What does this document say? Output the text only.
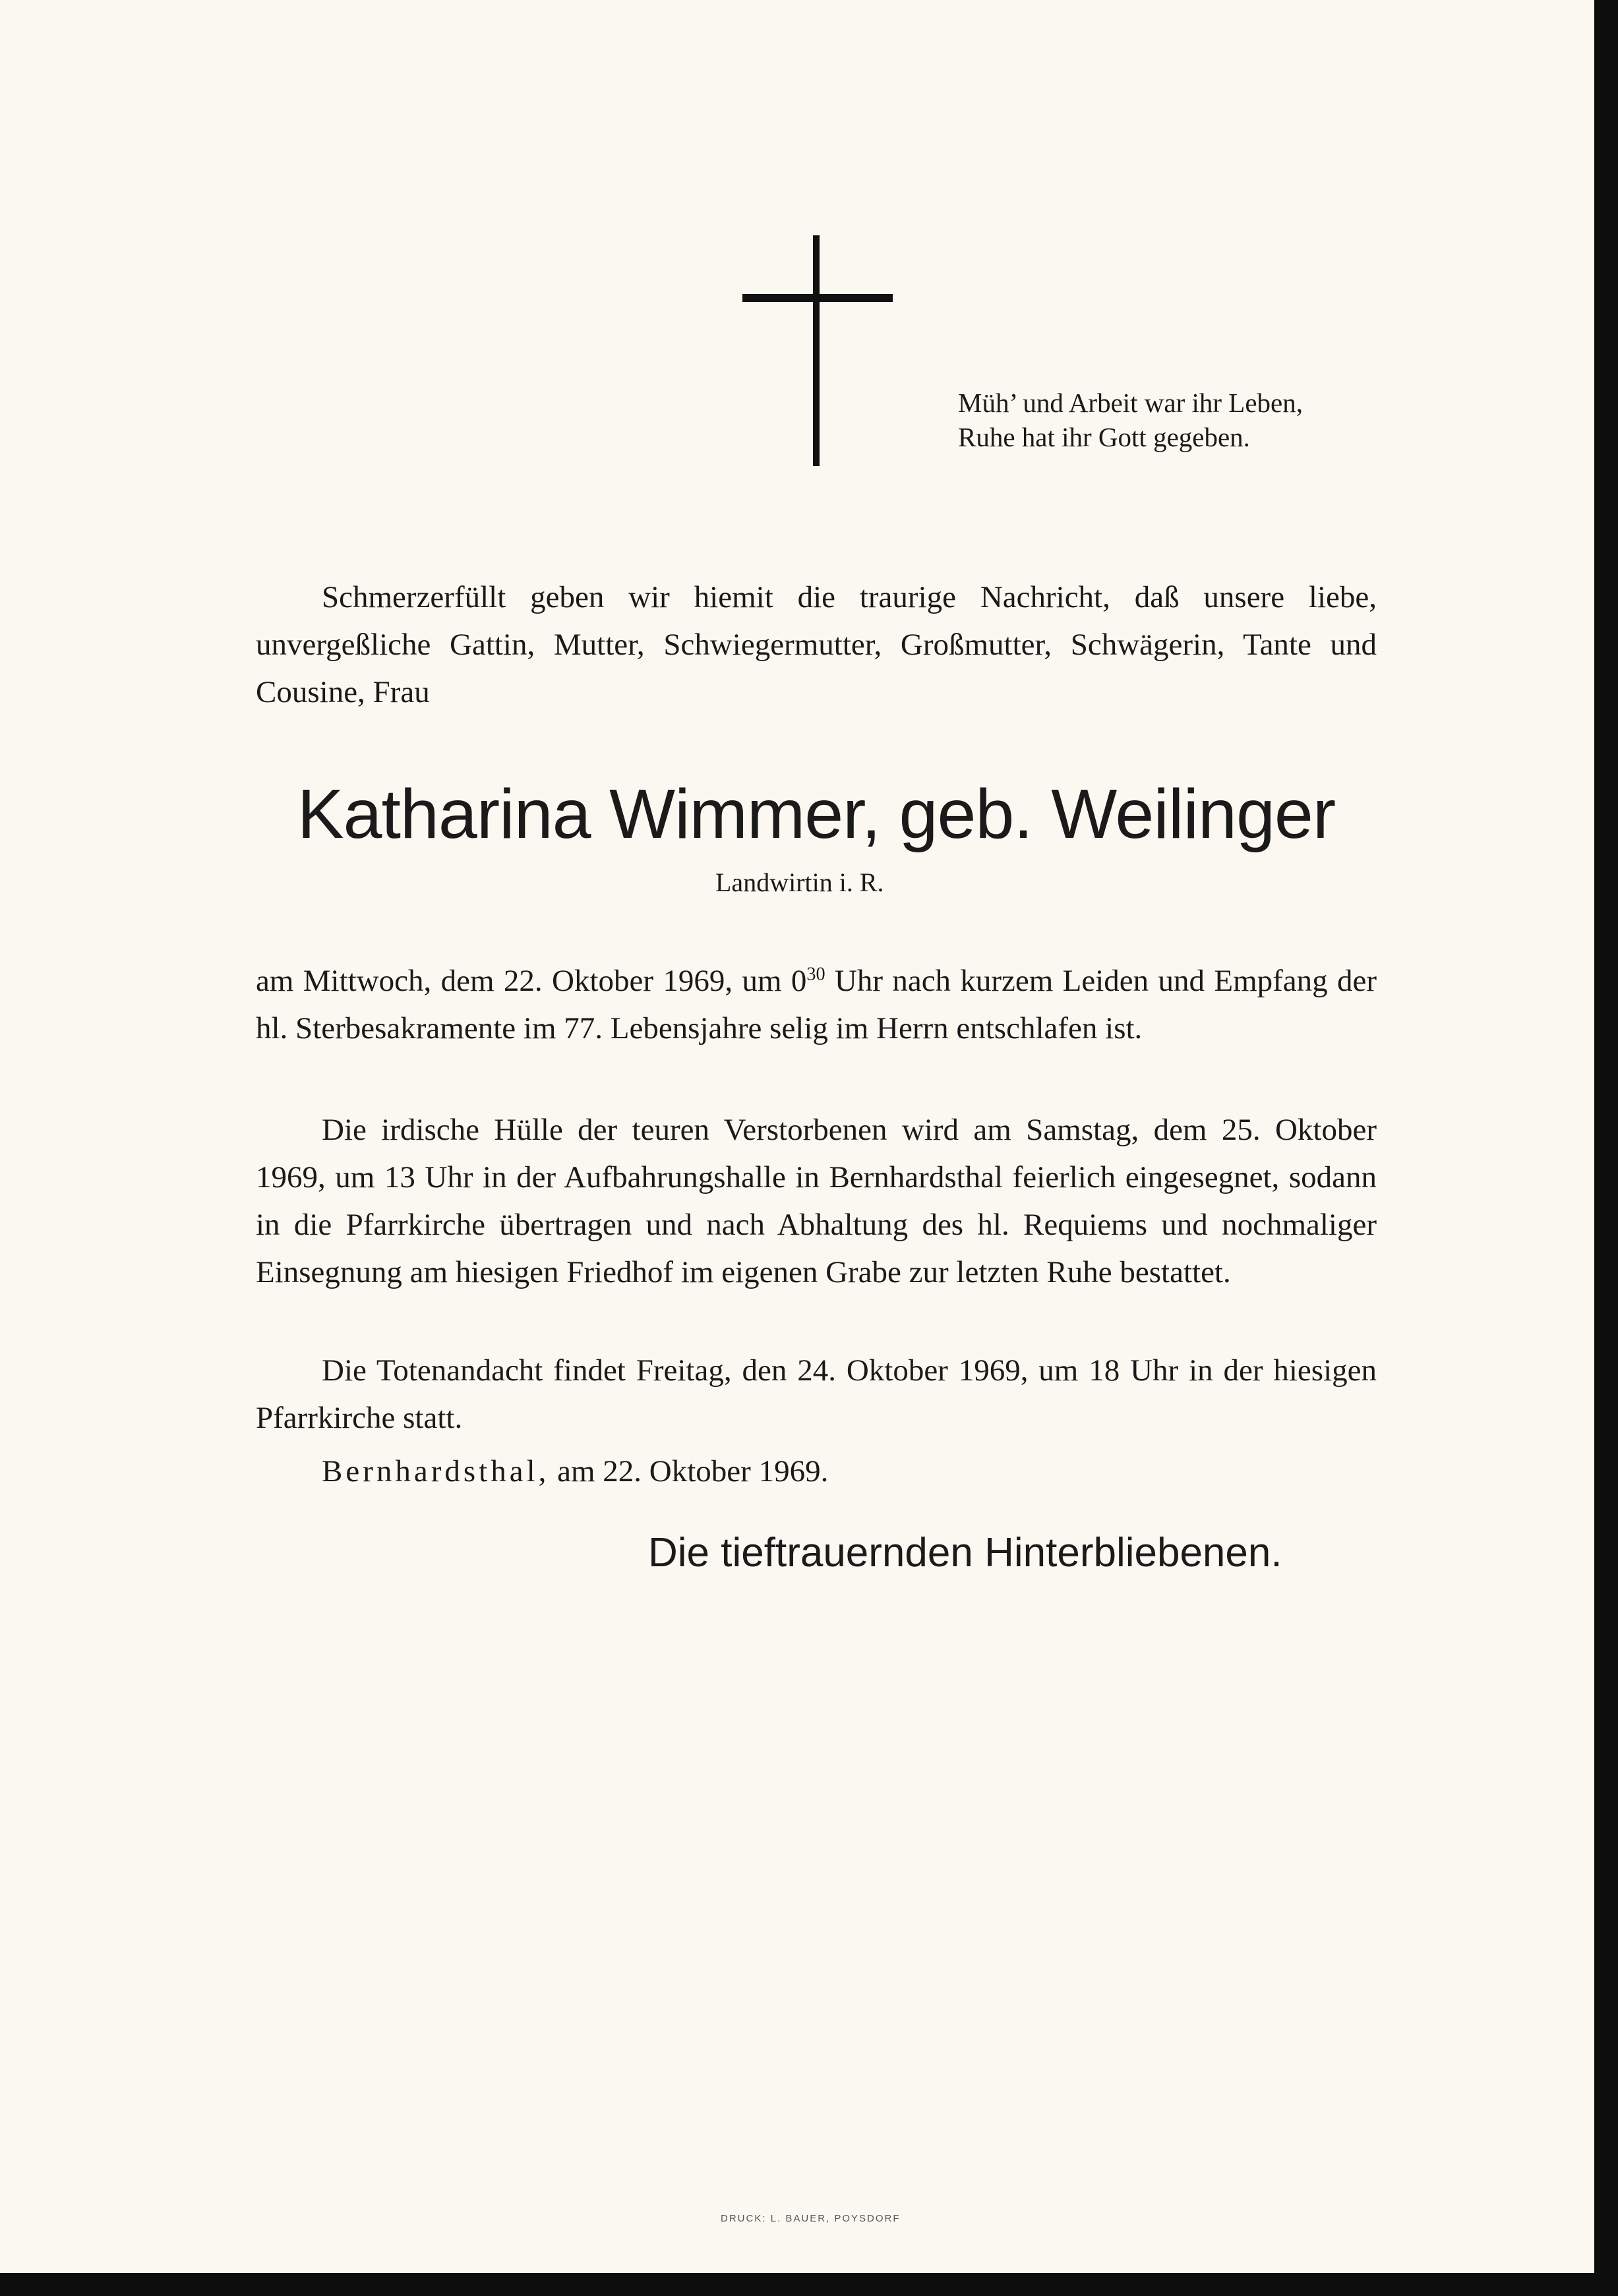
Müh’ und Arbeit war ihr Leben,
Ruhe hat ihr Gott gegeben.
Schmerzerfüllt geben wir hiemit die traurige Nachricht, daß unsere liebe, unvergeßliche Gattin, Mutter, Schwiegermutter, Großmutter, Schwägerin, Tante und Cousine, Frau
Katharina Wimmer, geb. Weilinger
Landwirtin i. R.
am Mittwoch, dem 22. Oktober 1969, um $0^{30}$ Uhr nach kurzem Leiden und Empfang der hl. Sterbesakramente im 77. Lebensjahre selig im Herrn entschlafen ist.
Die irdische Hülle der teuren Verstorbenen wird am Samstag, dem 25. Oktober 1969, um 13 Uhr in der Aufbahrungshalle in Bernhardsthal feierlich eingesegnet, sodann in die Pfarrkirche übertragen und nach Abhaltung des hl. Requiems und nochmaliger Einsegnung am hiesigen Friedhof im eigenen Grabe zur letzten Ruhe bestattet.
Die Totenandacht findet Freitag, den 24. Oktober 1969, um 18 Uhr in der hiesigen Pfarrkirche statt.
Bernhardsthal, am 22. Oktober 1969.
Die tieftrauernden Hinterbliebenen.
DRUCK: L. BAUER, POYSDORF
